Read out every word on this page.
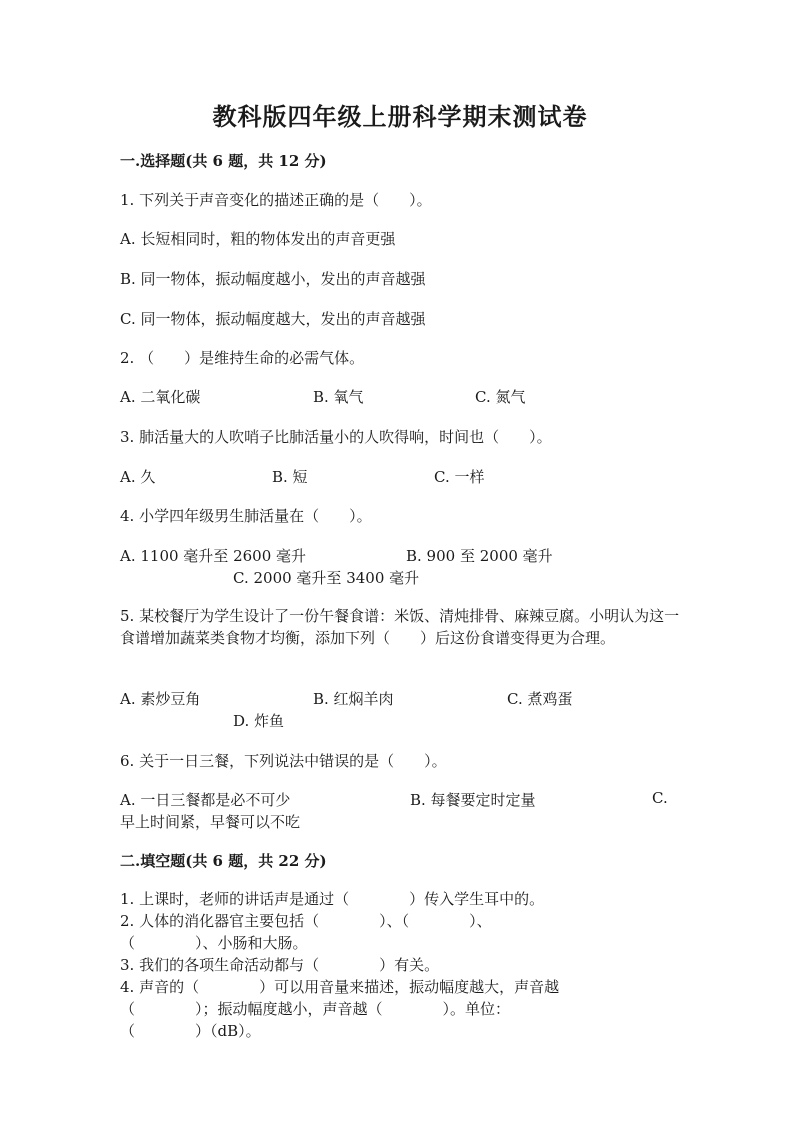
教科版四年级上册科学期末测试卷
一.选择题(共 6 题，共 12 分)
1. 下列关于声音变化的描述正确的是（　　）。
A. 长短相同时，粗的物体发出的声音更强
B. 同一物体，振动幅度越小，发出的声音越强
C. 同一物体，振动幅度越大，发出的声音越强
2. （　　）是维持生命的必需气体。
A. 二氧化碳	B. 氧气	C. 氮气
3. 肺活量大的人吹哨子比肺活量小的人吹得响，时间也（　　）。
A. 久	B. 短	C. 一样
4. 小学四年级男生肺活量在（　　）。
A. 1100 毫升至 2600 毫升	B. 900 至 2000 毫升
C. 2000 毫升至 3400 毫升
5. 某校餐厅为学生设计了一份午餐食谱：米饭、清炖排骨、麻辣豆腐。小明认为这一食谱增加蔬菜类食物才均衡，添加下列（　　）后这份食谱变得更为合理。
A. 素炒豆角	B. 红焖羊肉	C. 煮鸡蛋
D. 炸鱼
6. 关于一日三餐，下列说法中错误的是（　　）。
A. 一日三餐都是必不可少	B. 每餐要定时定量	C.
早上时间紧，早餐可以不吃
二.填空题(共 6 题，共 22 分)
1. 上课时，老师的讲话声是通过（　　　　）传入学生耳中的。
2. 人体的消化器官主要包括（　　　　）、（　　　　）、
（　　　　）、小肠和大肠。
3. 我们的各项生命活动都与（　　　　）有关。
4. 声音的（　　　　）可以用音量来描述，振动幅度越大，声音越
（　　　　）；振动幅度越小，声音越（　　　　）。单位：
（　　　　）（dB）。
